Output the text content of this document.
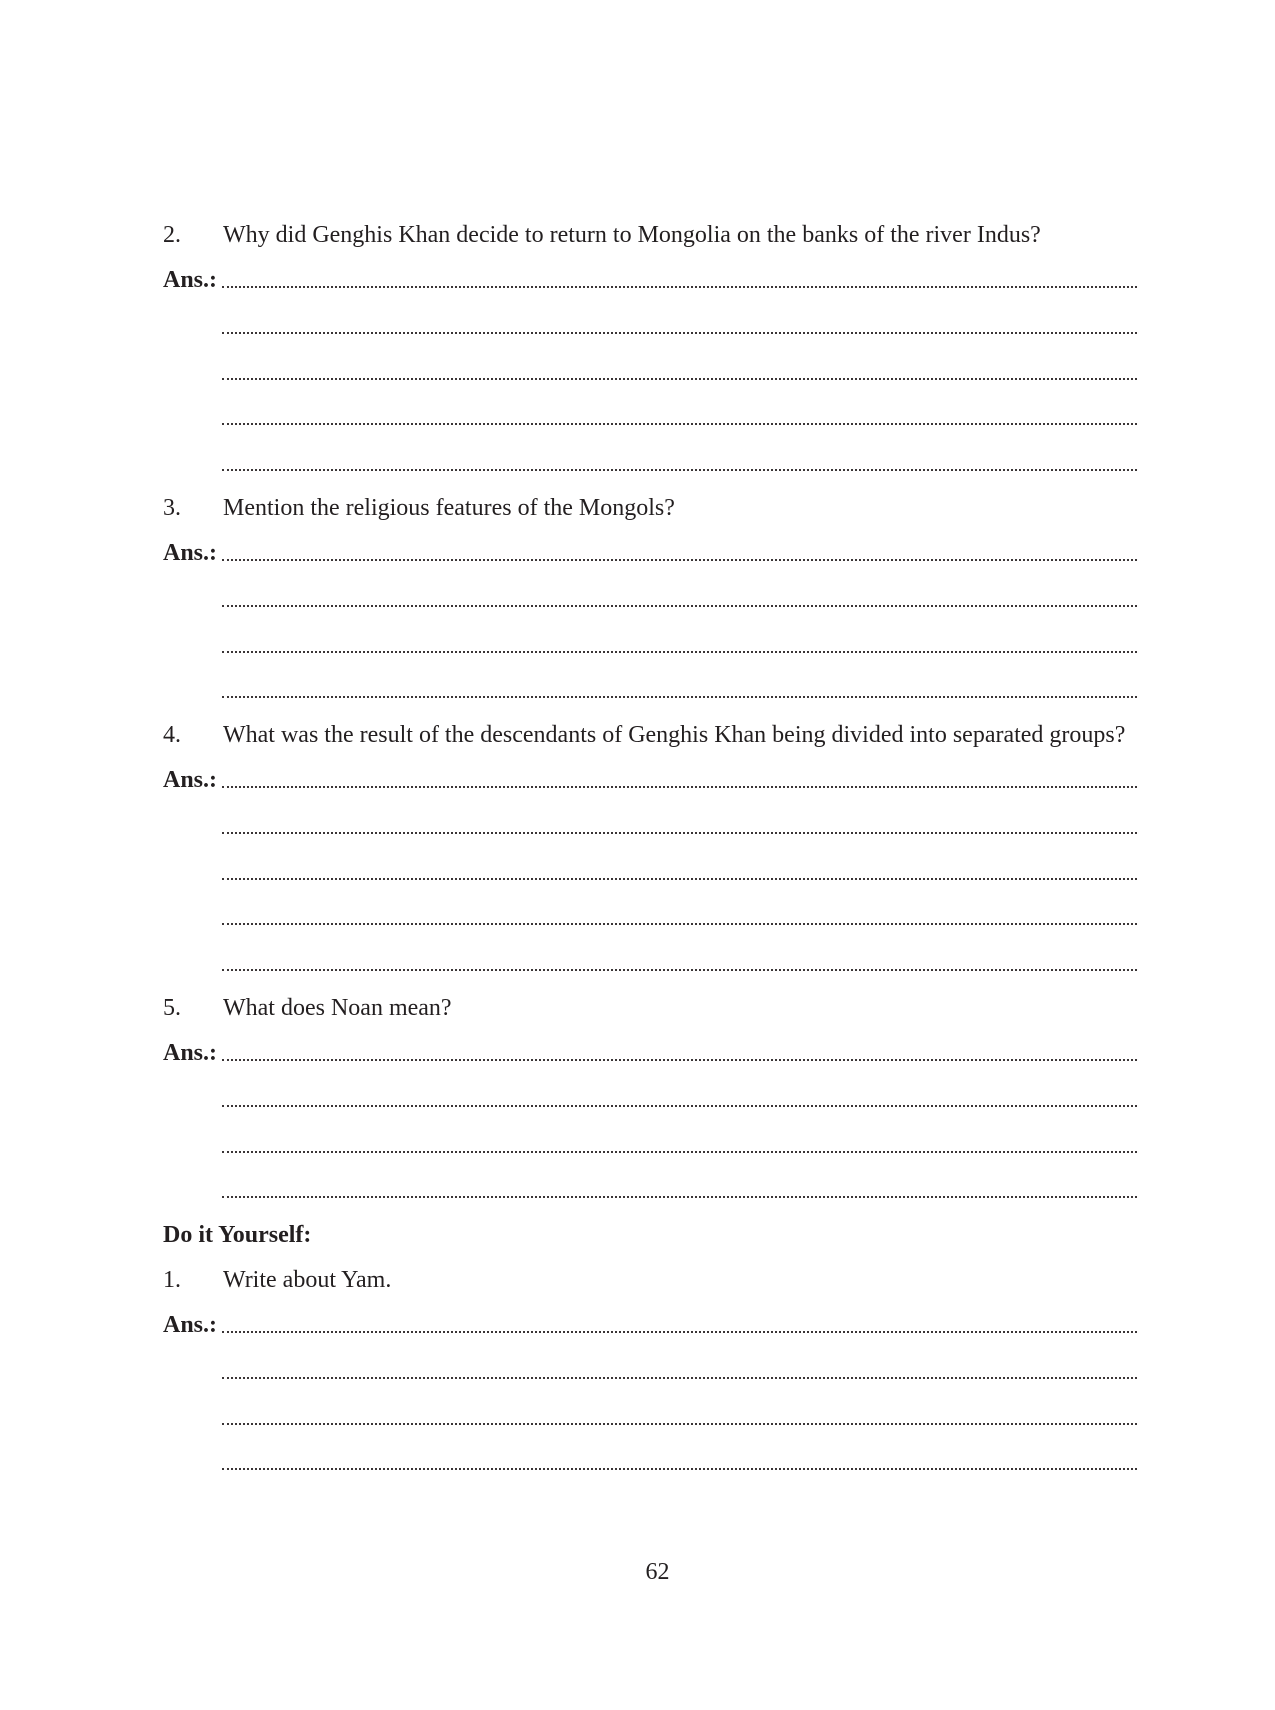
2. Why did Genghis Khan decide to return to Mongolia on the banks of the river Indus?
Ans.:
3. Mention the religious features of the Mongols?
Ans.:
4. What was the result of the descendants of Genghis Khan being divided into separated groups?
Ans.:
5. What does Noan mean?
Ans.:
Do it Yourself:
1. Write about Yam.
Ans.:
62
